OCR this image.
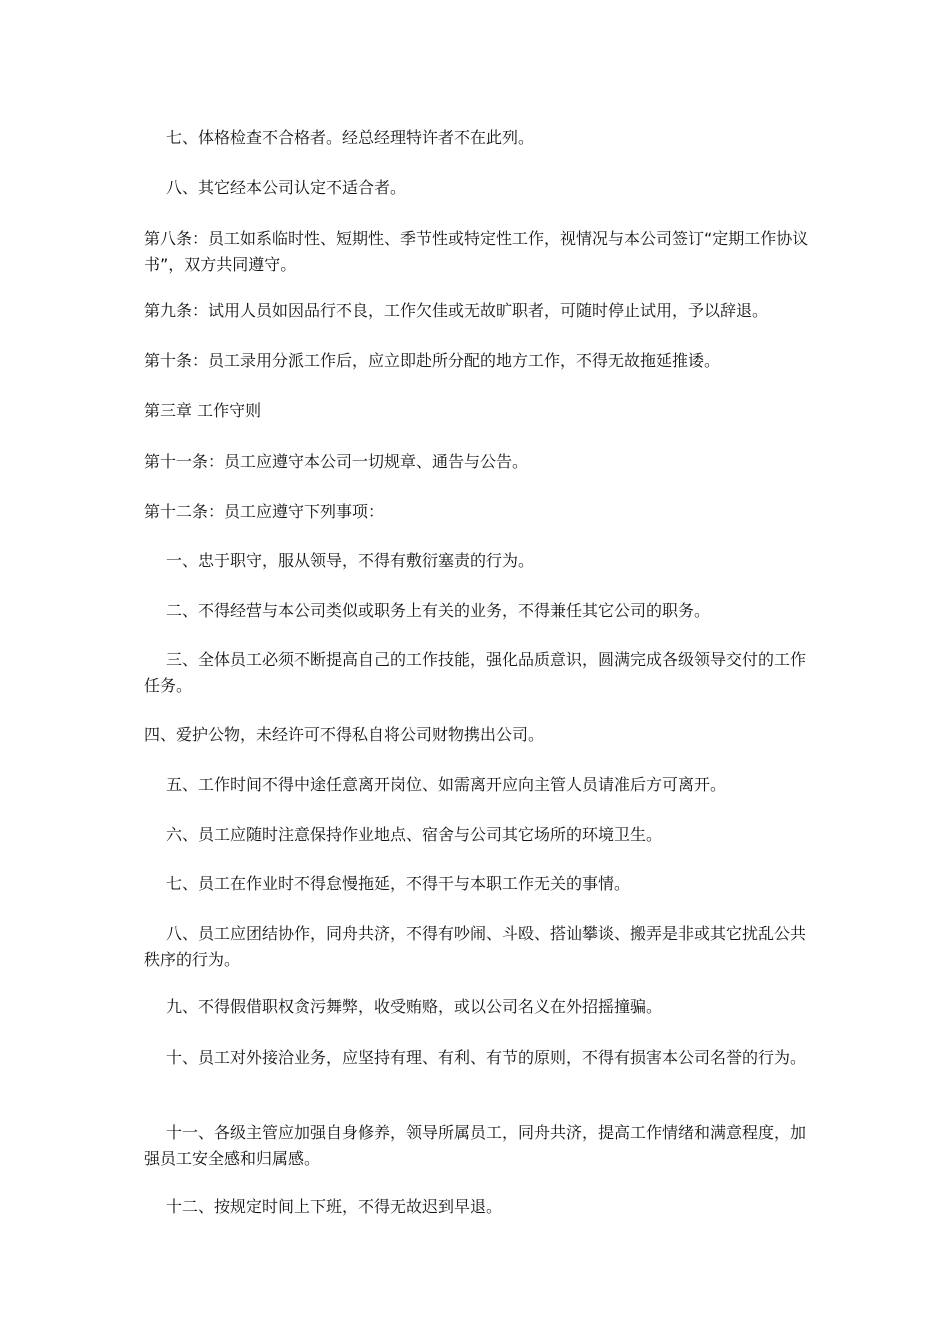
七、体格检查不合格者。经总经理特许者不在此列。

八、其它经本公司认定不适合者。

第八条：员工如系临时性、短期性、季节性或特定性工作，视情况与本公司签订“定期工作协议书”，双方共同遵守。

第九条：试用人员如因品行不良，工作欠佳或无故旷职者，可随时停止试用，予以辞退。

第十条：员工录用分派工作后，应立即赴所分配的地方工作，不得无故拖延推诿。

第三章 工作守则

第十一条：员工应遵守本公司一切规章、通告与公告。

第十二条：员工应遵守下列事项：

一、忠于职守，服从领导，不得有敷衍塞责的行为。

二、不得经营与本公司类似或职务上有关的业务，不得兼任其它公司的职务。

三、全体员工必须不断提高自己的工作技能，强化品质意识，圆满完成各级领导交付的工作任务。

四、爱护公物，未经许可不得私自将公司财物携出公司。

五、工作时间不得中途任意离开岗位、如需离开应向主管人员请准后方可离开。

六、员工应随时注意保持作业地点、宿舍与公司其它场所的环境卫生。

七、员工在作业时不得怠慢拖延，不得干与本职工作无关的事情。

八、员工应团结协作，同舟共济，不得有吵闹、斗殴、搭讪攀谈、搬弄是非或其它扰乱公共秩序的行为。

九、不得假借职权贪污舞弊，收受贿赂，或以公司名义在外招摇撞骗。

十、员工对外接洽业务，应坚持有理、有利、有节的原则，不得有损害本公司名誉的行为。

十一、各级主管应加强自身修养，领导所属员工，同舟共济，提高工作情绪和满意程度，加强员工安全感和归属感。

十二、按规定时间上下班，不得无故迟到早退。
